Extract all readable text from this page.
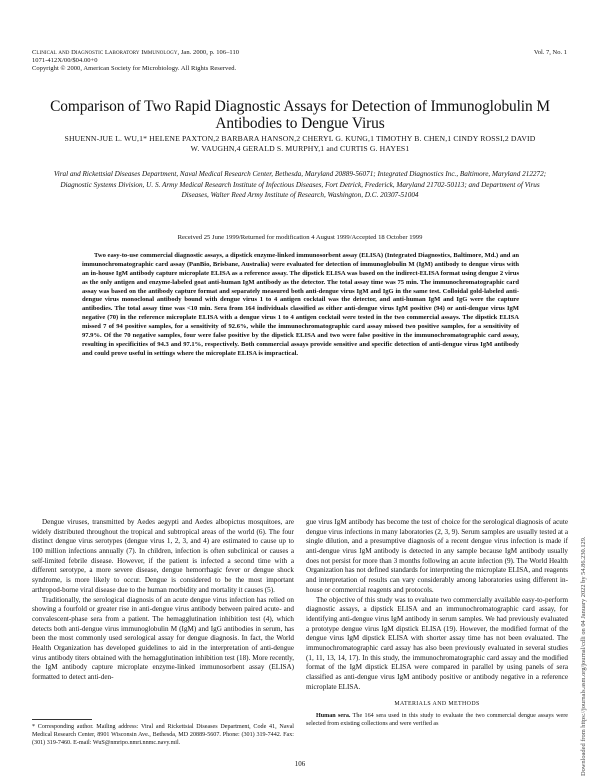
Clinical and Diagnostic Laboratory Immunology, Jan. 2000, p. 106–110
1071-412X/00/$04.00+0
Copyright © 2000, American Society for Microbiology. All Rights Reserved.
Vol. 7, No. 1
Comparison of Two Rapid Diagnostic Assays for Detection of Immunoglobulin M Antibodies to Dengue Virus
SHUENN-JUE L. WU,1* HELENE PAXTON,2 BARBARA HANSON,2 CHERYL G. KUNG,1 TIMOTHY B. CHEN,1 CINDY ROSSI,2 DAVID W. VAUGHN,4 GERALD S. MURPHY,1 and CURTIS G. HAYES1
Viral and Rickettsial Diseases Department, Naval Medical Research Center, Bethesda, Maryland 20889-56071; Integrated Diagnostics Inc., Baltimore, Maryland 212272; Diagnostic Systems Division, U. S. Army Medical Research Institute of Infectious Diseases, Fort Detrick, Frederick, Maryland 21702-50113; and Department of Virus Diseases, Walter Reed Army Institute of Research, Washington, D.C. 20307-51004
Received 25 June 1999/Returned for modification 4 August 1999/Accepted 18 October 1999
Two easy-to-use commercial diagnostic assays, a dipstick enzyme-linked immunosorbent assay (ELISA) (Integrated Diagnostics, Baltimore, Md.) and an immunochromatographic card assay (PanBio, Brisbane, Australia) were evaluated for detection of immunoglobulin M (IgM) antibody to dengue virus with an in-house IgM antibody capture microplate ELISA as a reference assay. The dipstick ELISA was based on the indirect-ELISA format using dengue 2 virus as the only antigen and enzyme-labeled goat anti-human IgM antibody as the detector. The total assay time was 75 min. The immunochromatographic card assay was based on the antibody capture format and separately measured both anti-dengue virus IgM and IgG in the same test. Colloidal gold-labeled anti-dengue virus monoclonal antibody bound with dengue virus 1 to 4 antigen cocktail was the detector, and anti-human IgM and IgG were the capture antibodies. The total assay time was <10 min. Sera from 164 individuals classified as either anti-dengue virus IgM positive (94) or anti-dengue virus IgM negative (70) in the reference microplate ELISA with a dengue virus 1 to 4 antigen cocktail were tested in the two commercial assays. The dipstick ELISA missed 7 of 94 positive samples, for a sensitivity of 92.6%, while the immunochromatographic card assay missed two positive samples, for a sensitivity of 97.9%. Of the 70 negative samples, four were false positive by the dipstick ELISA and two were false positive in the immunochromatographic card assay, resulting in specificities of 94.3 and 97.1%, respectively. Both commercial assays provide sensitive and specific detection of anti-dengue virus IgM antibody and could prove useful in settings where the microplate ELISA is impractical.

Dengue viruses, transmitted by Aedes aegypti and Aedes albopictus mosquitoes, are widely distributed throughout the tropical and subtropical areas of the world (6). The four distinct dengue virus serotypes (dengue virus 1, 2, 3, and 4) are estimated to cause up to 100 million infections annually (7). In children, infection is often subclinical or causes a self-limited febrile disease. However, if the patient is infected a second time with a different serotype, a more severe disease, dengue hemorrhagic fever or dengue shock syndrome, is more likely to occur. Dengue is considered to be the most important arthropod-borne viral disease due to the human morbidity and mortality it causes (5).

Traditionally, the serological diagnosis of an acute dengue virus infection has relied on showing a fourfold or greater rise in anti-dengue virus antibody between paired acute- and convalescent-phase sera from a patient. The hemagglutination inhibition test (4), which detects both anti-dengue virus immunoglobulin M (IgM) and IgG antibodies in serum, has been the most commonly used serological assay for dengue diagnosis. In fact, the World Health Organization has developed guidelines to aid in the interpretation of anti-dengue virus antibody titers obtained with the hemagglutination inhibition test (18). More recently, the IgM antibody capture microplate enzyme-linked immunosorbent assay (ELISA) formatted to detect anti-den-

* Corresponding author. Mailing address: Viral and Rickettsial Diseases Department, Code 41, Naval Medical Research Center, 8901 Wisconsin Ave., Bethesda, MD 20889-5607. Phone: (301) 319-7442. Fax: (301) 319-7460. E-mail: WuS@nmripo.nmri.nnmc.navy.mil.

gue virus IgM antibody has become the test of choice for the serological diagnosis of acute dengue virus infections in many laboratories (2, 3, 9). Serum samples are usually tested at a single dilution, and a presumptive diagnosis of a recent dengue virus infection is made if anti-dengue virus IgM antibody is detected in any sample because IgM antibody usually does not persist for more than 3 months following an acute infection (9). The World Health Organization has not defined standards for interpreting the microplate ELISA, and reagents and interpretation of results can vary considerably among laboratories using different in-house or commercial reagents and protocols.

The objective of this study was to evaluate two commercially available easy-to-perform diagnostic assays, a dipstick ELISA and an immunochromatographic card assay, for identifying anti-dengue virus IgM antibody in serum samples. We had previously evaluated a prototype dengue virus IgM dipstick ELISA (19). However, the modified format of the dengue virus IgM dipstick ELISA with shorter assay time has not been evaluated. The immunochromatographic card assay has also been previously evaluated in several studies (1, 11, 13, 14, 17). In this study, the immunochromatographic card assay and the modified format of the IgM dipstick ELISA were compared in parallel by using panels of sera classified as anti-dengue virus IgM antibody positive or antibody negative in a reference microplate ELISA.

MATERIALS AND METHODS

Human sera. The 164 sera used in this study to evaluate the two commercial dengue assays were selected from existing collections and were verified as

106	Downloaded from https://journals.asm.org/journal/cdli on 04 January 2022 by 54.86.230.129.
